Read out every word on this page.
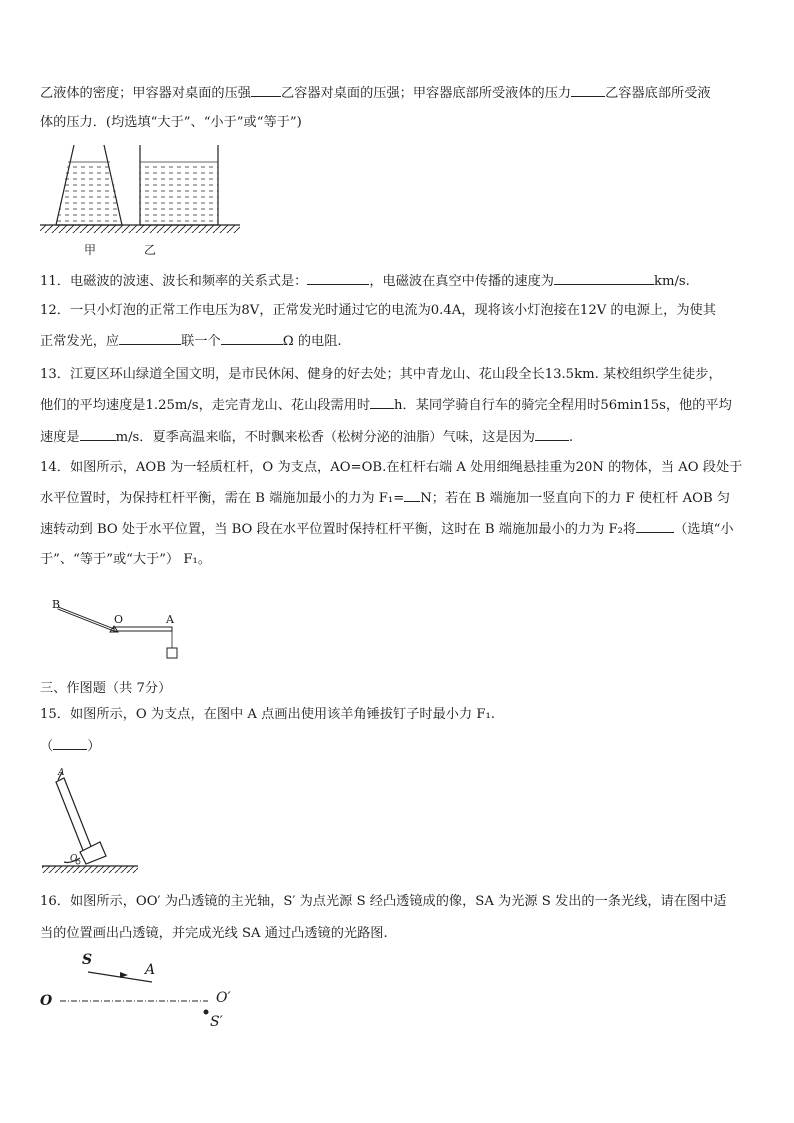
乙液体的密度；甲容器对桌面的压强 乙容器对桌面的压强；甲容器底部所受液体的压力	乙容器底部所受液
体的压力．(均选填“大于”、“小于”或“等于”)
甲	乙
11．电磁波的波速、波长和频率的关系式是：	，电磁波在真空中传播的速度为	km/s.
12．一只小灯泡的正常工作电压为8V，正常发光时通过它的电流为0.4A，现将该小灯泡接在12V 的电源上，为使其
正常发光，应	联一个	Ω 的电阻.
13．江夏区环山绿道全国文明，是市民休闲、健身的好去处；其中青龙山、花山段全长13.5km. 某校组织学生徒步，
他们的平均速度是1.25m/s，走完青龙山、花山段需用时 h．某同学骑自行车的骑完全程用时56min15s，他的平均
速度是	m/s．夏季高温来临，不时飘来松香（松树分泌的油脂）气味，这是因为	.
14．如图所示，AOB 为一轻质杠杆，O 为支点，AO=OB.在杠杆右端 A 处用细绳悬挂重为20N 的物体，当 AO 段处于
水平位置时，为保持杠杆平衡，需在 B 端施加最小的力为 F₁= N；若在 B 端施加一竖直向下的力 F 使杠杆 AOB 匀
速转动到 BO 处于水平位置，当 BO 段在水平位置时保持杠杆平衡，这时在 B 端施加最小的力为 F₂将	（选填“小
于”、“等于”或“大于”） F₁。
B
O	A
三、作图题（共 7分）
15．如图所示，O 为支点，在图中 A 点画出使用该羊角锤拔钉子时最小力 F₁.
（	）
A
O
16．如图所示，OO′ 为凸透镜的主光轴，S′ 为点光源 S 经凸透镜成的像，SA 为光源 S 发出的一条光线，请在图中适
当的位置画出凸透镜，并完成光线 SA 通过凸透镜的光路图.
S
A
O	O′
S′
